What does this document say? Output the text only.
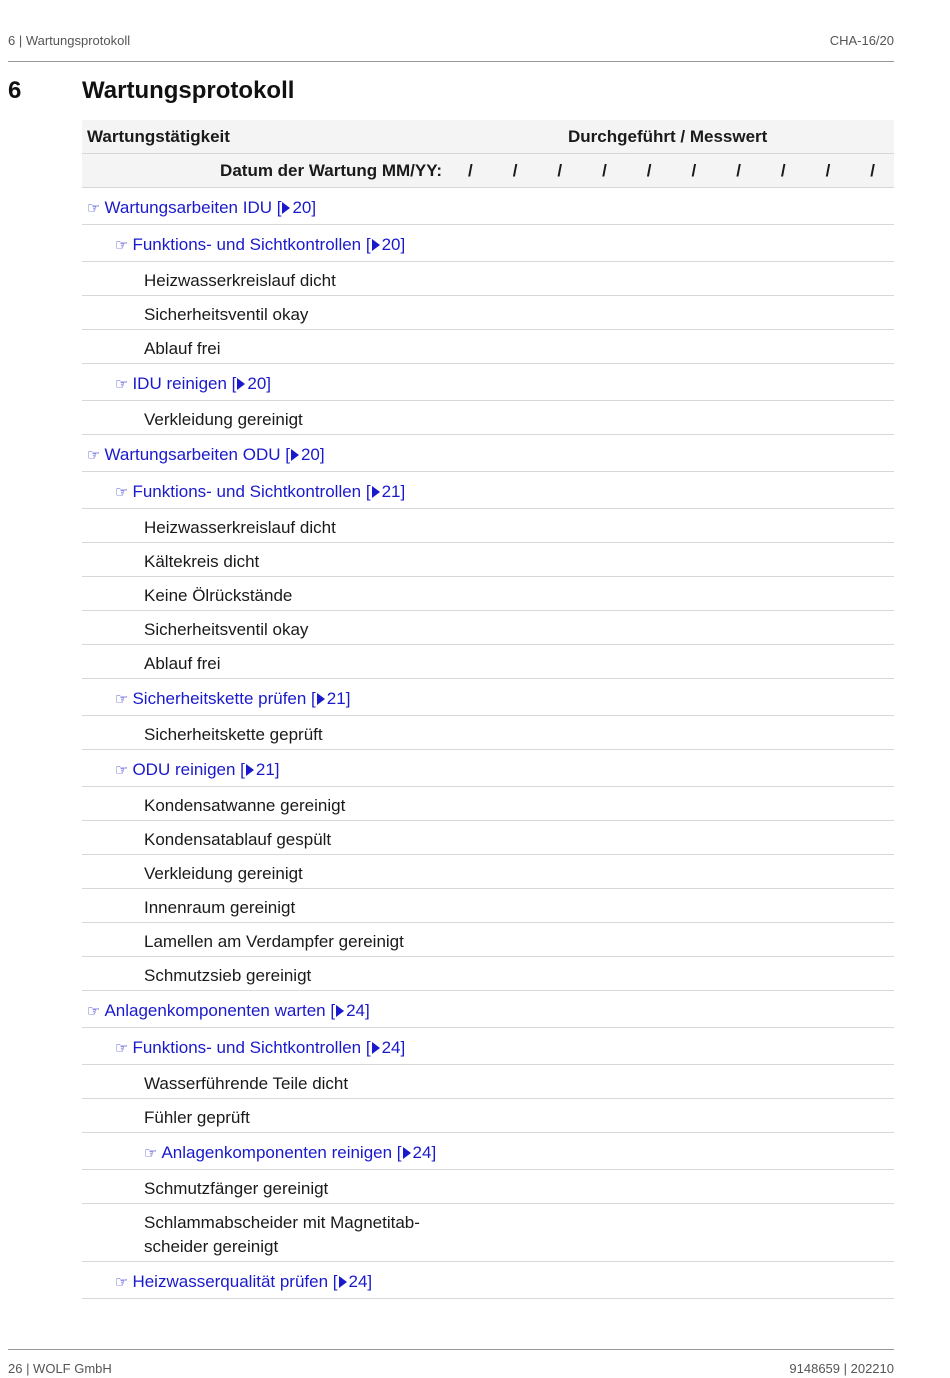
6 | Wartungsprotokoll	CHA-16/20
6	Wartungsprotokoll
Wartungstätigkeit	Durchgeführt / Messwert
Datum der Wartung MM/YY: / / / / / / / / / /
☞ Wartungsarbeiten IDU [ 20]
☞ Funktions- und Sichtkontrollen [ 20]
Heizwasserkreislauf dicht
Sicherheitsventil okay
Ablauf frei
☞ IDU reinigen [ 20]
Verkleidung gereinigt
☞ Wartungsarbeiten ODU [ 20]
☞ Funktions- und Sichtkontrollen [ 21]
Heizwasserkreislauf dicht
Kältekreis dicht
Keine Ölrückstände
Sicherheitsventil okay
Ablauf frei
☞ Sicherheitskette prüfen [ 21]
Sicherheitskette geprüft
☞ ODU reinigen [ 21]
Kondensatwanne gereinigt
Kondensatablauf gespült
Verkleidung gereinigt
Innenraum gereinigt
Lamellen am Verdampfer gereinigt
Schmutzsieb gereinigt
☞ Anlagenkomponenten warten [ 24]
☞ Funktions- und Sichtkontrollen [ 24]
Wasserführende Teile dicht
Fühler geprüft
☞ Anlagenkomponenten reinigen [ 24]
Schmutzfänger gereinigt
Schlammabscheider mit Magnetitab-
scheider gereinigt
☞ Heizwasserqualität prüfen [ 24]
26 | WOLF GmbH	9148659 | 202210
